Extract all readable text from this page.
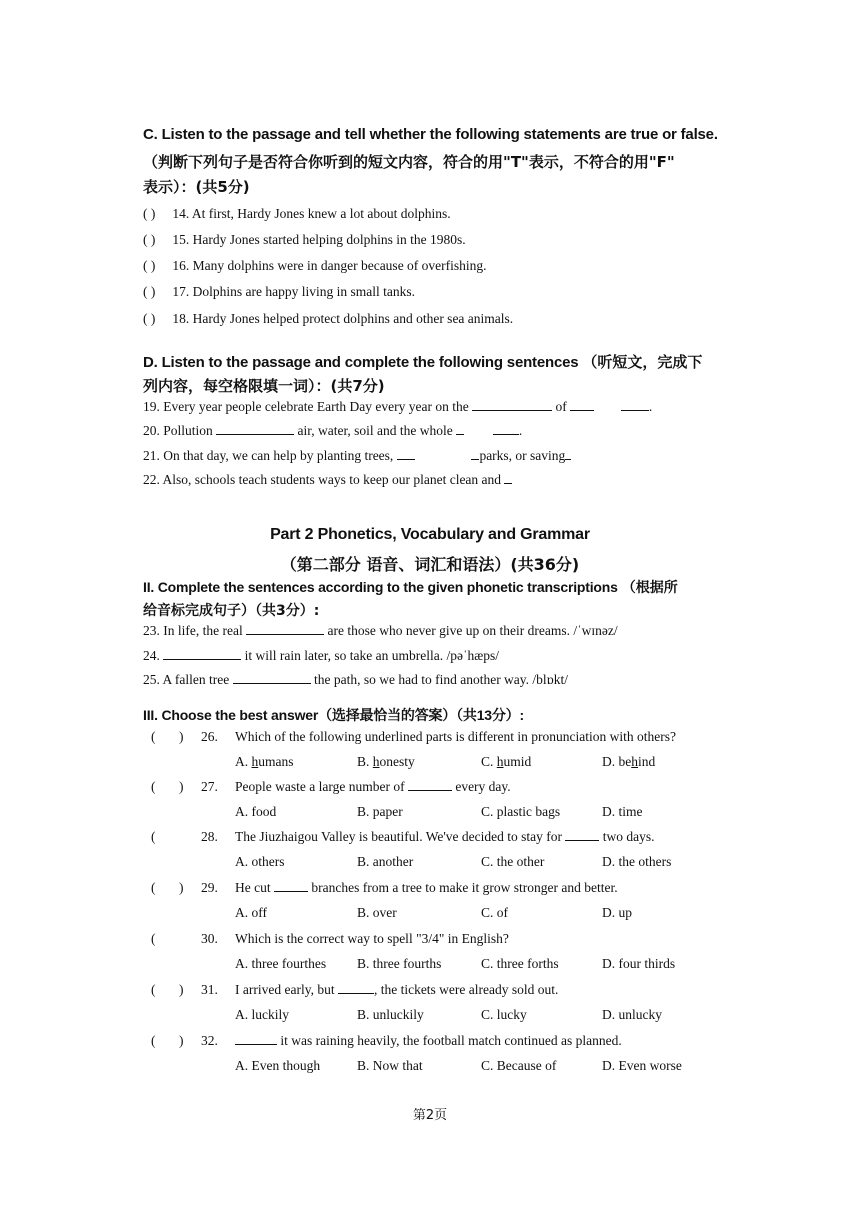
C. Listen to the passage and tell whether the following statements are true or false.
（判断下列句子是否符合你听到的短文内容，符合的用"T"表示，不符合的用"F"
表示）：(共5分)
( ) 14. At first, Hardy Jones knew a lot about dolphins.
( ) 15. Hardy Jones started helping dolphins in the 1980s.
( ) 16. Many dolphins were in danger because of overfishing.
( ) 17. Dolphins are happy living in small tanks.
( ) 18. Hardy Jones helped protect dolphins and other sea animals.
D. Listen to the passage and complete the following sentences （听短文，完成下
列内容，每空格限填一词）：(共7分)
19. Every year people celebrate Earth Day every year on the	of	.
20. Pollution	air, water, soil and the whole	.
21. On that day, we can help by planting trees,	parks, or saving
22. Also, schools teach students ways to keep our planet clean and
Part 2 Phonetics, Vocabulary and Grammar
（第二部分 语音、词汇和语法）(共36分)
II. Complete the sentences according to the given phonetic transcriptions （根据所
给音标完成句子）（共3分）:
23. In life, the real	are those who never give up on their dreams. /ˈwɪnəz/
24.	it will rain later, so take an umbrella. /pəˈhæps/
25. A fallen tree	the path, so we had to find another way. /blɒkt/
III. Choose the best answer（选择最恰当的答案）（共13分）:
( ) 26. Which of the following underlined parts is different in pronunciation with others?
A. humans	B. honesty	C. humid	D. behind
( ) 27. People waste a large number of	every day.
A. food	B. paper	C. plastic bags	D. time
(	28. The Jiuzhaigou Valley is beautiful. We've decided to stay for	two days.
A. others	B. another	C. the other	D. the others
( ) 29. He cut	branches from a tree to make it grow stronger and better.
A. off	B. over	C. of	D. up
(	30. Which is the correct way to spell "3/4" in English?
A. three fourthes B. three fourths	C. three forths	D. four thirds
( ) 31. I arrived early, but	, the tickets were already sold out.
A. luckily	B. unluckily	C. lucky	D. unlucky
( ) 32.	it was raining heavily, the football match continued as planned.
A. Even though	B. Now that	C. Because of	D. Even worse
第2页
